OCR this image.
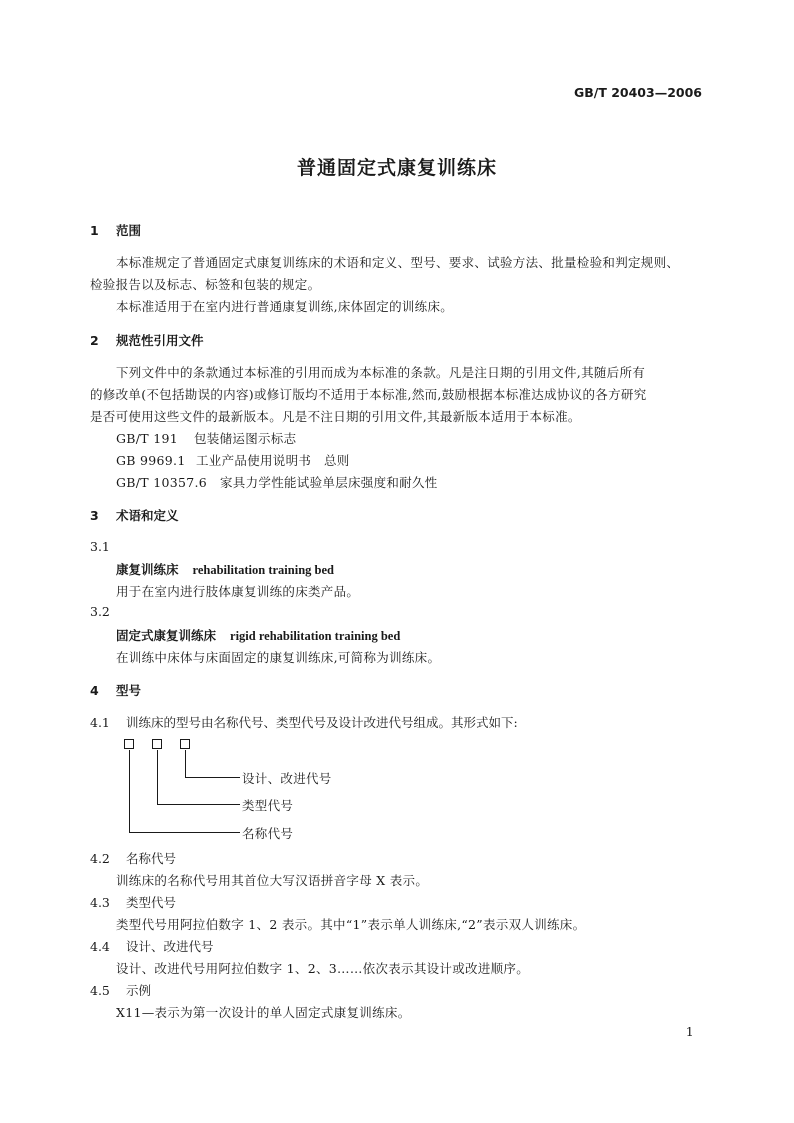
GB/T 20403—2006
普通固定式康复训练床
1 范围
本标准规定了普通固定式康复训练床的术语和定义、型号、要求、试验方法、批量检验和判定规则、
检验报告以及标志、标签和包装的规定。
本标准适用于在室内进行普通康复训练,床体固定的训练床。
2 规范性引用文件
下列文件中的条款通过本标准的引用而成为本标准的条款。凡是注日期的引用文件,其随后所有
的修改单(不包括勘误的内容)或修订版均不适用于本标准,然而,鼓励根据本标准达成协议的各方研究
是否可使用这些文件的最新版本。凡是不注日期的引用文件,其最新版本适用于本标准。
GB/T 191 包装储运图示标志
GB 9969.1 工业产品使用说明书　总则
GB/T 10357.6 家具力学性能试验单层床强度和耐久性
3 术语和定义
3.1
康复训练床 rehabilitation training bed
用于在室内进行肢体康复训练的床类产品。
3.2
固定式康复训练床 rigid rehabilitation training bed
在训练中床体与床面固定的康复训练床,可简称为训练床。
4 型号
4.1 训练床的型号由名称代号、类型代号及设计改进代号组成。其形式如下:
设计、改进代号
类型代号
名称代号
4.2 名称代号
训练床的名称代号用其首位大写汉语拼音字母 X 表示。
4.3 类型代号
类型代号用阿拉伯数字 1、2 表示。其中“1”表示单人训练床,“2”表示双人训练床。
4.4 设计、改进代号
设计、改进代号用阿拉伯数字 1、2、3……依次表示其设计或改进顺序。
4.5 示例
X11—表示为第一次设计的单人固定式康复训练床。
1
